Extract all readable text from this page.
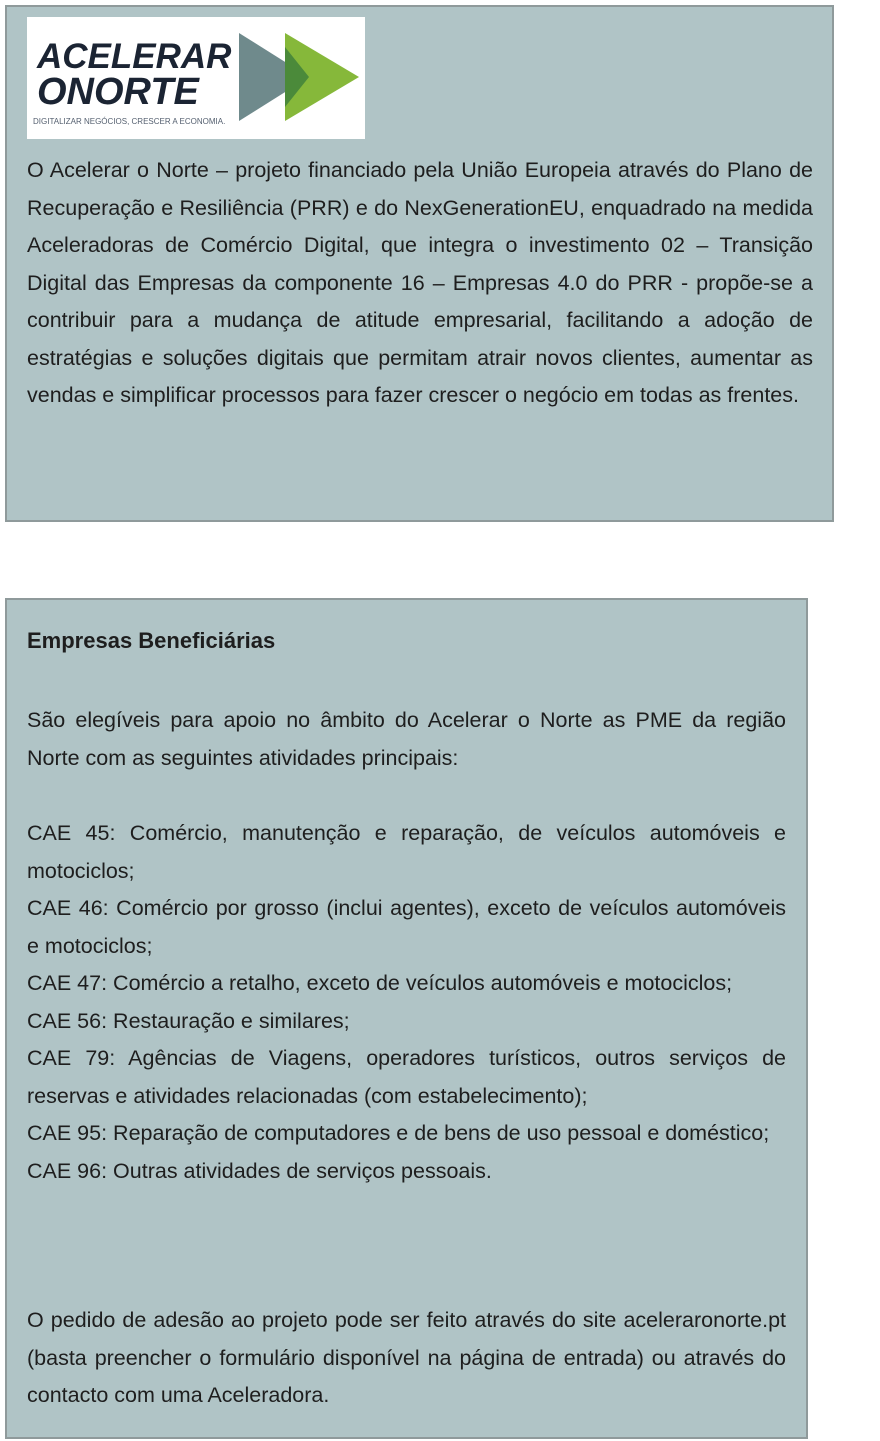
ACELERAR
ONORTE
DIGITALIZAR NEGÓCIOS, CRESCER A ECONOMIA.

O Acelerar o Norte – projeto financiado pela União Europeia através do Plano de Recuperação e Resiliência (PRR) e do NexGenerationEU, enquadrado na medida Aceleradoras de Comércio Digital, que integra o investimento 02 – Transição Digital das Empresas da componente 16 – Empresas 4.0 do PRR - propõe-se a contribuir para a mudança de atitude empresarial, facilitando a adoção de estratégias e soluções digitais que permitam atrair novos clientes, aumentar as vendas e simplificar processos para fazer crescer o negócio em todas as frentes.

Empresas Beneficiárias

São elegíveis para apoio no âmbito do Acelerar o Norte as PME da região Norte com as seguintes atividades principais:

CAE 45: Comércio, manutenção e reparação, de veículos automóveis e motociclos;
CAE 46: Comércio por grosso (inclui agentes), exceto de veículos automóveis e motociclos;
CAE 47: Comércio a retalho, exceto de veículos automóveis e motociclos;
CAE 56: Restauração e similares;
CAE 79: Agências de Viagens, operadores turísticos, outros serviços de reservas e atividades relacionadas (com estabelecimento);
CAE 95: Reparação de computadores e de bens de uso pessoal e doméstico;
CAE 96: Outras atividades de serviços pessoais.

O pedido de adesão ao projeto pode ser feito através do site aceleraronorte.pt (basta preencher o formulário disponível na página de entrada) ou através do contacto com uma Aceleradora.
